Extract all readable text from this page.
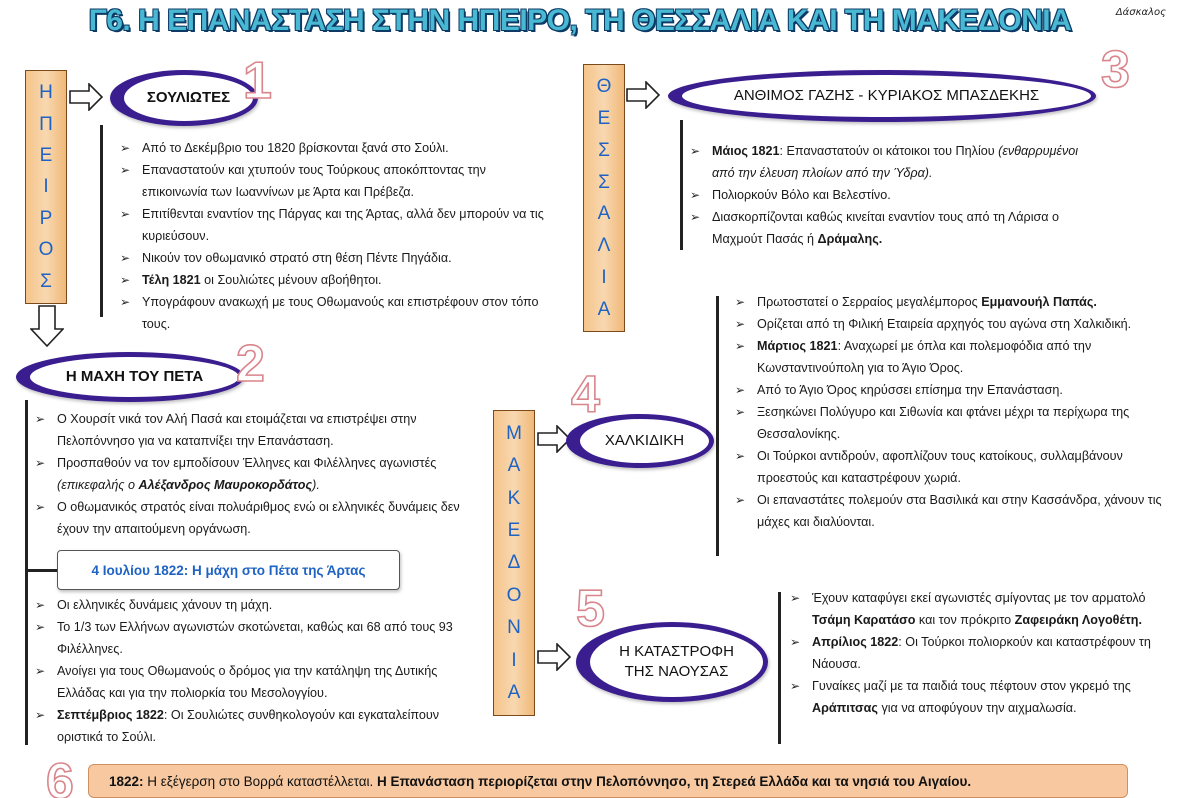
Γ6. Η ΕΠΑΝΑΣΤΑΣΗ ΣΤΗΝ ΗΠΕΙΡΟ, ΤΗ ΘΕΣΣΑΛΙΑ ΚΑΙ ΤΗ ΜΑΚΕΔΟΝΙΑ	Δάσκαλος
Η
Π
Ε
Ι
Ρ
Ο
Σ
Θ
Ε
Σ
Σ
Α
Λ
Ι
Α
Μ
Α
Κ
Ε
Δ
Ο
Ν
Ι
Α
ΣΟΥΛΙΩΤΕΣ 1
➢ Από το Δεκέμβριο του 1820 βρίσκονται ξανά στο Σούλι.
➢ Επαναστατούν και χτυπούν τους Τούρκους αποκόπτοντας την επικοινωνία των Ιωαννίνων με Άρτα και Πρέβεζα.
➢ Επιτίθενται εναντίον της Πάργας και της Άρτας, αλλά δεν μπορούν να τις κυριεύσουν.
➢ Νικούν τον οθωμανικό στρατό στη θέση Πέντε Πηγάδια.
➢ Τέλη 1821 οι Σουλιώτες μένουν αβοήθητοι.
➢ Υπογράφουν ανακωχή με τους Οθωμανούς και επιστρέφουν στον τόπο τους.
Η ΜΑΧΗ ΤΟΥ ΠΕΤΑ 2
➢ Ο Χουρσίτ νικά τον Αλή Πασά και ετοιμάζεται να επιστρέψει στην Πελοπόννησο για να καταπνίξει την Επανάσταση.
➢ Προσπαθούν να τον εμποδίσουν Έλληνες και Φιλέλληνες αγωνιστές (επικεφαλής ο Αλέξανδρος Μαυροκορδάτος).
➢ Ο οθωμανικός στρατός είναι πολυάριθμος ενώ οι ελληνικές δυνάμεις δεν έχουν την απαιτούμενη οργάνωση.
4 Ιουλίου 1822: Η μάχη στο Πέτα της Άρτας
➢ Οι ελληνικές δυνάμεις χάνουν τη μάχη.
➢ Το 1/3 των Ελλήνων αγωνιστών σκοτώνεται, καθώς και 68 από τους 93 Φιλέλληνες.
➢ Ανοίγει για τους Οθωμανούς ο δρόμος για την κατάληψη της Δυτικής Ελλάδας και για την πολιορκία του Μεσολογγίου.
➢ Σεπτέμβριος 1822: Οι Σουλιώτες συνθηκολογούν και εγκαταλείπουν οριστικά το Σούλι.
ΑΝΘΙΜΟΣ ΓΑΖΗΣ - ΚΥΡΙΑΚΟΣ ΜΠΑΣΔΕΚΗΣ 3
➢ Μάιος 1821: Επαναστατούν οι κάτοικοι του Πηλίου (ενθαρρυμένοι από την έλευση πλοίων από την Ύδρα).
➢ Πολιορκούν Βόλο και Βελεστίνο.
➢ Διασκορπίζονται καθώς κινείται εναντίον τους από τη Λάρισα ο Μαχμούτ Πασάς ή Δράμαλης.
ΧΑΛΚΙΔΙΚΗ
4
➢ Πρωτοστατεί ο Σερραίος μεγαλέμπορος Εμμανουήλ Παπάς.
➢ Ορίζεται από τη Φιλική Εταιρεία αρχηγός του αγώνα στη Χαλκιδική.
➢ Μάρτιος 1821: Αναχωρεί με όπλα και πολεμοφόδια από την Κωνσταντινούπολη για το Άγιο Όρος.
➢ Από το Άγιο Όρος κηρύσσει επίσημα την Επανάσταση.
➢ Ξεσηκώνει Πολύγυρο και Σιθωνία και φτάνει μέχρι τα περίχωρα της Θεσσαλονίκης.
➢ Οι Τούρκοι αντιδρούν, αφοπλίζουν τους κατοίκους, συλλαμβάνουν προεστούς και καταστρέφουν χωριά.
➢ Οι επαναστάτες πολεμούν στα Βασιλικά και στην Κασσάνδρα, χάνουν τις μάχες και διαλύονται.
Η ΚΑΤΑΣΤΡΟΦΗ
ΤΗΣ ΝΑΟΥΣΑΣ
5
➢	Έχουν καταφύγει εκεί αγωνιστές σμίγοντας με τον αρματολό Τσάμη Καρατάσο και τον πρόκριτο Ζαφειράκη Λογοθέτη.
➢ Απρίλιος 1822: Οι Τούρκοι πολιορκούν και καταστρέφουν τη Νάουσα.
➢ Γυναίκες μαζί με τα παιδιά τους πέφτουν στον γκρεμό της Αράπιτσας για να αποφύγουν την αιχμαλωσία.
6	1822: Η εξέγερση στο Βορρά καταστέλλεται. Η Επανάσταση περιορίζεται στην Πελοπόννησο, τη Στερεά Ελλάδα και τα νησιά του Αιγαίου.
